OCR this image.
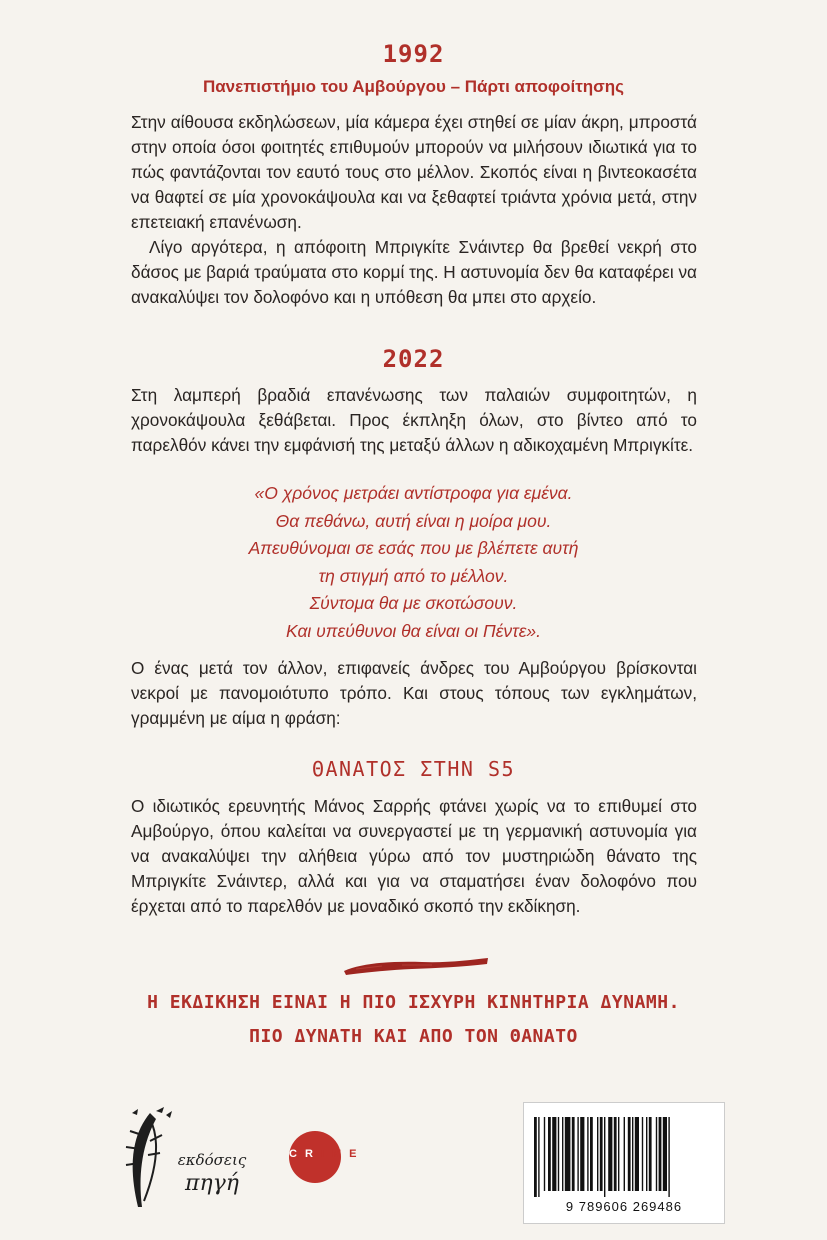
1992
Πανεπιστήμιο του Αμβούργου – Πάρτι αποφοίτησης

Στην αίθουσα εκδηλώσεων, μία κάμερα έχει στηθεί σε μίαν άκρη, μπροστά στην οποία όσοι φοιτητές επιθυμούν μπορούν να μιλήσουν ιδιωτικά για το πώς φαντάζονται τον εαυτό τους στο μέλλον. Σκοπός είναι η βιντεοκασέτα να θαφτεί σε μία χρονοκάψουλα και να ξεθαφτεί τριάντα χρόνια μετά, στην επετειακή επανένωση.

Λίγο αργότερα, η απόφοιτη Μπριγκίτε Σνάιντερ θα βρεθεί νεκρή στο δάσος με βαριά τραύματα στο κορμί της. Η αστυνομία δεν θα καταφέρει να ανακαλύψει τον δολοφόνο και η υπόθεση θα μπει στο αρχείο.

2022
Στη λαμπερή βραδιά επανένωσης των παλαιών συμφοιτητών, η χρονοκάψουλα ξεθάβεται. Προς έκπληξη όλων, στο βίντεο από το παρελθόν κάνει την εμφάνισή της μεταξύ άλλων η αδικοχαμένη Μπριγκίτε.
«Ο χρόνος μετράει αντίστροφα για εμένα.
Θα πεθάνω, αυτή είναι η μοίρα μου.
Απευθύνομαι σε εσάς που με βλέπετε αυτή
τη στιγμή από το μέλλον.
Σύντομα θα με σκοτώσουν.
Και υπεύθυνοι θα είναι οι Πέντε».
Ο ένας μετά τον άλλον, επιφανείς άνδρες του Αμβούργου βρίσκονται νεκροί με πανομοιότυπο τρόπο. Και στους τόπους των εγκλημάτων, γραμμένη με αίμα η φράση:
ΘΑΝΑΤΟΣ ΣΤΗΝ S5
Ο ιδιωτικός ερευνητής Μάνος Σαρρής φτάνει χωρίς να το επιθυμεί στο Αμβούργο, όπου καλείται να συνεργαστεί με τη γερμανική αστυνομία για να ανακαλύψει την αλήθεια γύρω από τον μυστηριώδη θάνατο της Μπριγκίτε Σνάιντερ, αλλά και για να σταματήσει έναν δολοφόνο που έρχεται από το παρελθόν με μοναδικό σκοπό την εκδίκηση.
Η ΕΚΔΙΚΗΣΗ ΕΙΝΑΙ Η ΠΙΟ ΙΣΧΥΡΗ ΚΙΝΗΤΗΡΙΑ ΔΥΝΑΜΗ.
ΠΙΟ ΔΥΝΑΤΗ ΚΑΙ ΑΠΟ ΤΟΝ ΘΑΝΑΤΟ
εκδόσεις
πηγή
CRIME
9 789606 269486
